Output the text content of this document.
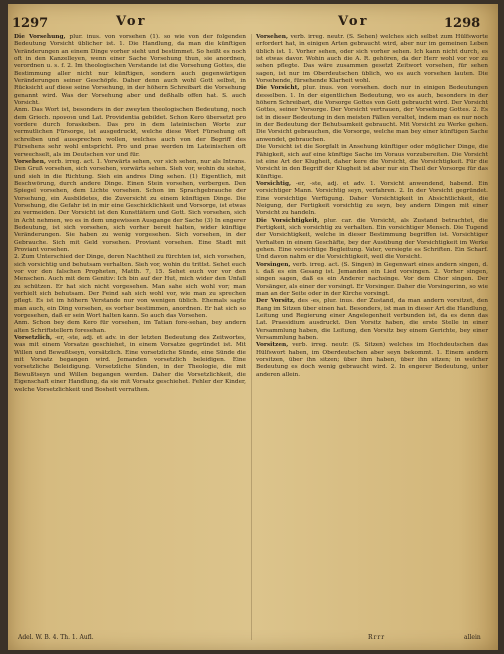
1297	Vor	Vor	1298

Die Vorsehung, plur. inus. von vorsehen (1). so wie von der folgenden Bedeutung Vorsicht üblicher ist. 1. Die Handlung, da man die künftigen Veränderungen an einem Dinge vorher sieht und bestimmet. So heißt es noch oft in den Kanzelleyen, wenn einer Sache Vorsehung thun, sie anordnen, verordnen u. s. f. 2. Im theologischen Verstande ist die Vorsehung Gottes, die Bestimmung aller nicht nur künftigen, sondern auch gegenwärtigen Veränderungen seiner Geschöpfe. Daher denn auch wohl Gott selbst, in Rücksicht auf diese seine Vorsehung, in der höhern Schreibart die Vorsehung genannt wird. Was der Vorsehung aber und deßhalb offen hat. S. auch Vorsicht.

Anm. Das Wort ist, besonders in der zweyten theologischen Bedeutung, noch dem Griech. προνοια und Lat. Providentia gebildet. Schon Kero übersetzt pro vordere durch foraskeben. Das pro in dem lateinischen Worte zur vermutlichen Fürsorge, ist ausgedruckt, welche diese Wort Fürsehung oft schreiben und aussprechen wollen, welches auch von der Begriff des Fürsehens sehr wohl entspricht. Pro und prae werden im Lateinischen oft verwechselt, als im Deutschen vor und für.

Vorsehen, verb. irreg. act. 1. Vorwärts sehen, vor sich sehen, nur als Intrans. Den Gruß vorsehen, sich vorsehen, vorwärts sehen. Sieh vor, wohin du siehst, und sieh in die Richtung. Sieh ein andres Ding sehen. (1) Eigentlich, mit Beschwörung, durch andere Dinge. Einen Stein vorsehen, verbergen. Den Spiegel vorsehen, dem Lichte vorsehen. Schon im Sprachgebrauche der Vorsehung, ein Ausbildetes, die Zuversicht zu einem künftigen Dinge. Die Vorsehung, die Gefahr ist in mir eine Geschicklichkeit und Vorsorge, ist etwas zu vermeiden. Der Vorsicht ist den Kunsttätern und Gott. Sich vorsehen, sich in Acht nehmen, wo es in dem ungewissen Ausgange der Sache (3) In engerer Bedeutung, ist sich vorsehen, sich vorher bereit halten, wider künftige Veränderungen. Sie haben zu wenig vorgesehen. Sich vorsehen, in der Gebrauche. Sich mit Geld vorsehen. Proviant vorsehen. Eine Stadt mit Proviant vorsehen.

2. Zum Unterschied der Dinge, deren Nachtheil zu fürchten ist, sich vorsehen, sich vorsichtig und behutsam verhalten. Sieh vor, wohin du trittst. Sehet euch vor vor den falschen Propheten, Matth. 7, 15. Sehet euch vor vor den Menschen. Auch mit dem Genitiv: Ich bin auf der Hut, mich wider den Unfall zu schützen. Er hat sich nicht vorgesehen. Man sahe sich wohl vor; man verhielt sich behutsam. Der Feind sah sich wohl vor, wie man zu sprechen pflegt. Es ist im höhern Verstande nur von wenigen üblich. Ehemals sagte man auch, ein Ding vorsehen, es vorher bestimmen, anordnen. Er hat sich so vorgesehen, daß er sein Wort halten kann. So auch das Vorsehen.

Anm. Schon bey dem Kero für vorsehen, im Tatian fore-sehan, bey andern alten Schriftstellern foresehan.

Vorsetzlich, -er, -ste, adj. et adv. in der letzten Bedeutung des Zeitwortes, was mit einem Vorsatze geschiehet, in einem Vorsatze gegründet ist. Mit Willen und Bewußtseyn, vorsätzlich. Eine vorsetzliche Sünde, eine Sünde die mit Vorsatz begangen wird. Jemanden vorsetzlich beleidigen. Eine vorsetzliche Beleidigung. Vorsetzliche Sünden, in der Theologie, die mit Bewußtseyn und Willen begangen werden. Daher die Vorsetzlichkeit, die Eigenschaft einer Handlung, da sie mit Vorsatz geschiehet. Fehler der Kinder, welche Vorsetzlichkeit und Bosheit verrathen.

Vorsehen, verb. irreg. neutr. (S. Sehen) welches sich selbst zum Hülfsworte erfordert hat, in einigen Arten gebraucht wird, aber nur im gemeinen Leben üblich ist. 1. Vorher sehen, oder sich vorher sehen. Ich kann nicht durch, es ist etwas davor. Wohin auch die A. R. gehören, da der Herr wohl vor vor zu sehen pflegte. Das wäre zusammen gesetzt Zeitwort vorsehen, für sehen sagen, ist nur im Oberdeutschen üblich, wo es auch vorsehen lauten. Die Vorsehende, fürsehende Klarheit wohl.

Die Vorsicht, plur. inus. von vorsehen. doch nur in einigen Bedeutungen desselben. 1. In der eigentlichen Bedeutung, wo es auch, besonders in der höhern Schreibart, die Vorsorge Gottes von Gott gebraucht wird. Der Vorsicht Gottes, seiner Vorsorge. Der Vorsicht vertrauen, der Vorsehung Gottes. 2. Es ist in dieser Bedeutung in den meisten Fällen veraltet, indem man es nur noch in der Bedeutung der Behutsamkeit gebraucht. Mit Vorsicht zu Werke gehen. Die Vorsicht gebrauchen, die Vorsorge, welche man bey einer künftigen Sache anwendet, gebrauchen.

Die Vorsicht ist die Sorgfalt in Ansehung künftiger oder möglicher Dinge, die Fähigkeit, sich auf eine künftige Sache im Voraus vorzubereiten. Die Vorsicht ist eine Art der Klugheit, daher kere die Vorsicht, die Vorsichtigkeit. Für die Vorsicht in den Begriff der Klugheit ist aber nur ein Theil der Vorsorge für das Künftige.

Vorsichtig, -er, -ste, adj. et adv. 1. Vorsicht anwendend, habend. Ein vorsichtiger Mann. Vorsichtig seyn, verfahren. 2. In der Vorsicht gegründet. Eine vorsichtige Verfügung. Daher Vorsichtigkeit in Absichtlichkeit, die Neigung, der Fertigkeit vorsichtig zu seyn, bey andern Dingen mit einer Vorsicht zu handeln.

Die Vorsichtigkeit, plur. car. die Vorsicht, als Zustand betrachtet, die Fertigkeit, sich vorsichtig zu verhalten. Ein vorsichtiger Mensch. Die Tugend der Vorsichtigkeit, welche in dieser Bestimmung begriffen ist. Vorsichtiger Verhalten in einem Geschäfte, bey der Ausübung der Vorsichtigkeit im Werke gehen. Eine vorsichtige Begleitung. Vater, versiegte es Schriften. Ein Scharf. Und davon nahm er die Vorsichtigkeit, weil die Vorsicht.

Vorsingen, verb. irreg. act. (S. Singen) in Gegenwart eines andern singen, d. i. daß es ein Gesang ist. Jemanden ein Lied vorsingen. 2. Vorher singen, singen sagen, daß es ein Anderer nachsinge. Vor dem Chor singen. Der Vorsänger, als einer der vorsingt. Er Vorsinger. Daher die Vorsingerinn, so wie man an der Seite oder in der Kirche vorsingt.

Der Vorsitz, des -es, plur. inus. der Zustand, da man andern vorsitzet, den Rang im Sitzen über einen hat. Besonders, ist man in dieser Art die Handlung, Leitung und Regierung einer Angelegenheit verbunden ist, da es denn das Lat. Praesidium ausdruckt. Den Vorsitz haben, die erste Stelle in einer Versammlung haben, die Leitung, den Vorsitz bey einem Gerichte, bey einer Versammlung haben.

Vorsitzen, verb. irreg. neutr. (S. Sitzen) welches im Hochdeutschen das Hülfswort haben, im Oberdeutschen aber seyn bekommt. 1. Einem andern vorsitzen, über ihn sitzen; über ihm haben, über ihn sitzen; in welcher Bedeutung es doch wenig gebraucht wird. 2. In engerer Bedeutung, unter anderen allein.

Adel. W. B. 4. Th. 1. Aufl.	Rrrr	allein
